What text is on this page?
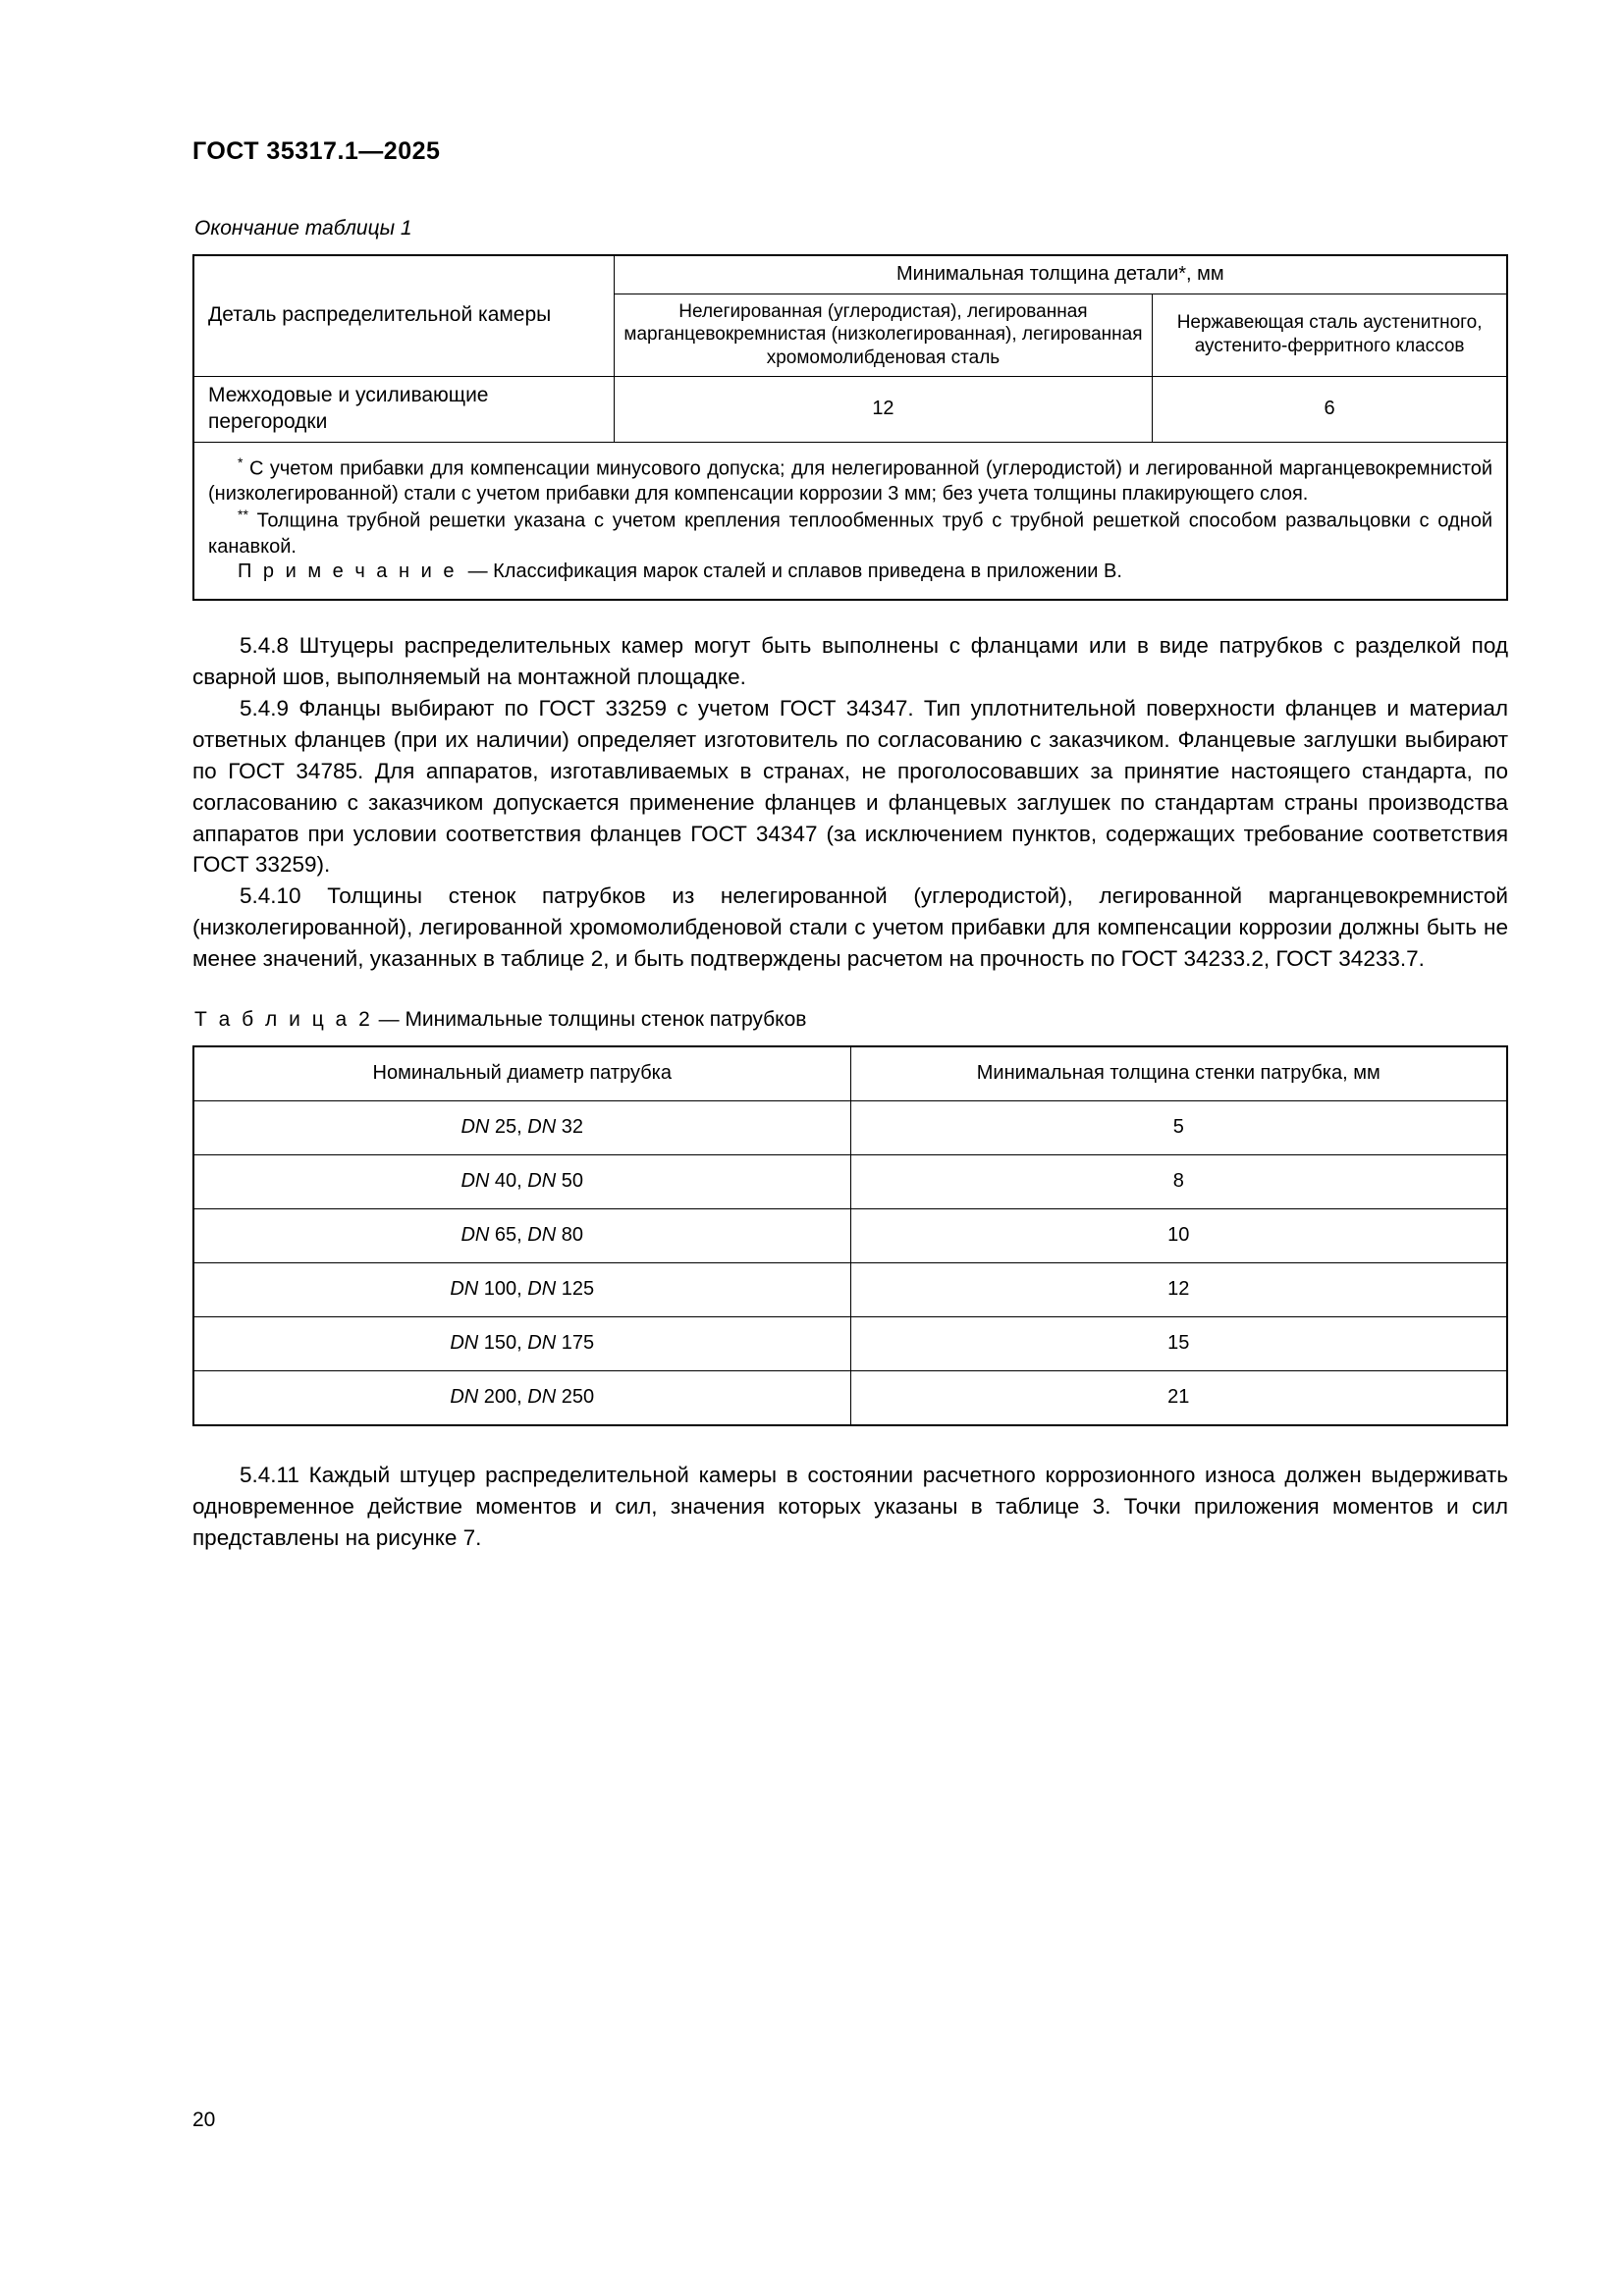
ГОСТ 35317.1—2025
Окончание таблицы 1
Деталь распределительной камеры	Минимальная толщина детали*, мм	
	Нелегированная (углеродистая), легированная марганцевокремнистая (низколегированная), легированная хромомолибденовая сталь	Нержавеющая сталь аустенитного, аустенито-ферритного классов
Межходовые и усиливающие перегородки	12	6

* С учетом прибавки для компенсации минусового допуска; для нелегированной (углеродистой) и легированной марганцевокремнистой (низколегированной) стали с учетом прибавки для компенсации коррозии 3 мм; без учета толщины плакирующего слоя.

** Толщина трубной решетки указана с учетом крепления теплообменных труб с трубной решеткой способом развальцовки с одной канавкой.

П р и м е ч а н и е — Классификация марок сталей и сплавов приведена в приложении В.		

5.4.8 Штуцеры распределительных камер могут быть выполнены с фланцами или в виде патрубков с разделкой под сварной шов, выполняемый на монтажной площадке.

5.4.9 Фланцы выбирают по ГОСТ 33259 с учетом ГОСТ 34347. Тип уплотнительной поверхности фланцев и материал ответных фланцев (при их наличии) определяет изготовитель по согласованию с заказчиком. Фланцевые заглушки выбирают по ГОСТ 34785. Для аппаратов, изготавливаемых в странах, не проголосовавших за принятие настоящего стандарта, по согласованию с заказчиком допускается применение фланцев и фланцевых заглушек по стандартам страны производства аппаратов при условии соответствия фланцев ГОСТ 34347 (за исключением пунктов, содержащих требование соответствия ГОСТ 33259).

5.4.10 Толщины стенок патрубков из нелегированной (углеродистой), легированной марганцевокремнистой (низколегированной), легированной хромомолибденовой стали с учетом прибавки для компенсации коррозии должны быть не менее значений, указанных в таблице 2, и быть подтверждены расчетом на прочность по ГОСТ 34233.2, ГОСТ 34233.7.

Т а б л и ц а 2 — Минимальные толщины стенок патрубков
Номинальный диаметр патрубка	Минимальная толщина стенки патрубка, мм
DN 25, DN 32	5
DN 40, DN 50	8
DN 65, DN 80	10
DN 100, DN 125	12
DN 150, DN 175	15
DN 200, DN 250	21

5.4.11 Каждый штуцер распределительной камеры в состоянии расчетного коррозионного износа должен выдерживать одновременное действие моментов и сил, значения которых указаны в таблице 3. Точки приложения моментов и сил представлены на рисунке 7.

20
